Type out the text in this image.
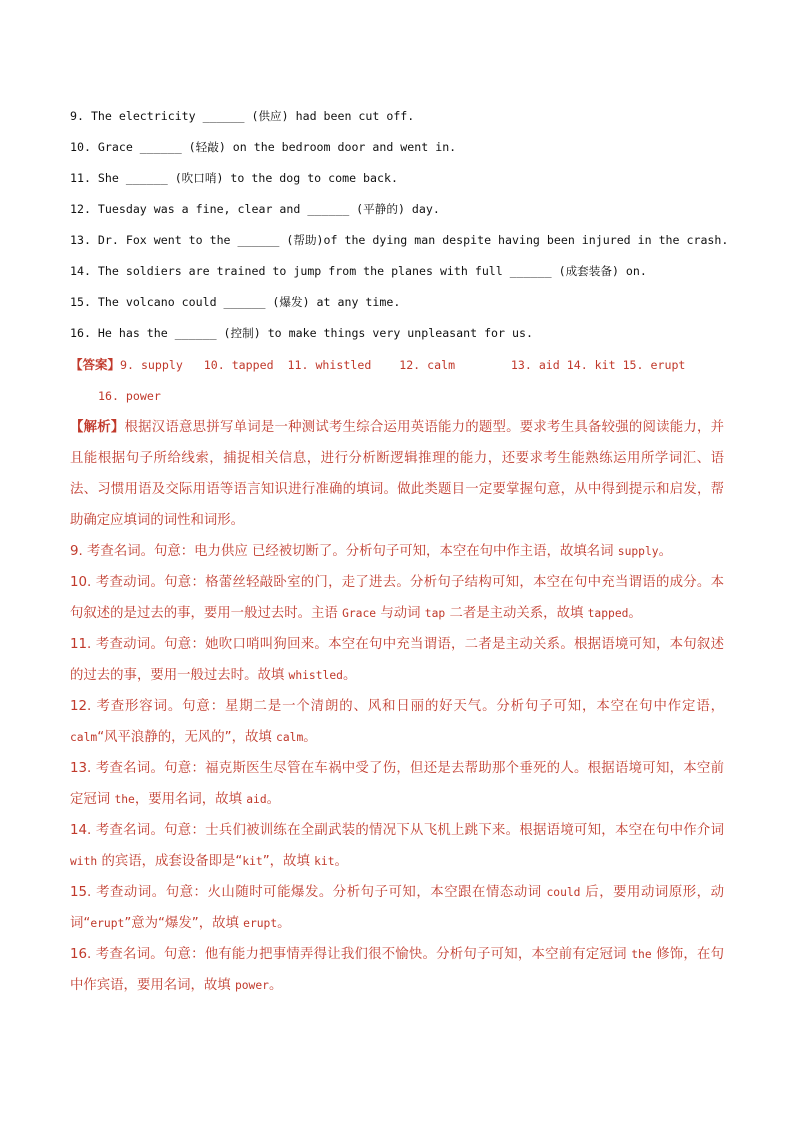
9. The electricity ______ (供应) had been cut off.
10. Grace ______ (轻敲) on the bedroom door and went in.
11. She ______ (吹口哨) to the dog to come back.
12. Tuesday was a fine, clear and ______ (平静的) day.
13. Dr. Fox went to the ______ (帮助)of the dying man despite having been injured in the crash.
14. The soldiers are trained to jump from the planes with full ______ (成套装备) on.
15. The volcano could ______ (爆发) at any time.
16. He has the ______ (控制) to make things very unpleasant for us.
【答案】9. supply   10. tapped  11. whistled    12. calm        13. aid 14. kit 15. erupt
16. power

【解析】根据汉语意思拼写单词是一种测试考生综合运用英语能力的题型。要求考生具备较强的阅读能力，并且能根据句子所给线索，捕捉相关信息，进行分析断逻辑推理的能力，还要求考生能熟练运用所学词汇、语法、习惯用语及交际用语等语言知识进行准确的填词。做此类题目一定要掌握句意，从中得到提示和启发，帮助确定应填词的词性和词形。

9. 考查名词。句意：电力供应 已经被切断了。分析句子可知，本空在句中作主语，故填名词 supply。

10. 考查动词。句意：格蕾丝轻敲卧室的门，走了进去。分析句子结构可知，本空在句中充当谓语的成分。本句叙述的是过去的事，要用一般过去时。主语 Grace 与动词 tap 二者是主动关系，故填 tapped。

11. 考查动词。句意：她吹口哨叫狗回来。本空在句中充当谓语，二者是主动关系。根据语境可知，本句叙述的过去的事，要用一般过去时。故填 whistled。

12. 考查形容词。句意：星期二是一个清朗的、风和日丽的好天气。分析句子可知，本空在句中作定语，calm“风平浪静的，无风的”，故填 calm。

13. 考查名词。句意：福克斯医生尽管在车祸中受了伤，但还是去帮助那个垂死的人。根据语境可知，本空前定冠词 the，要用名词，故填 aid。

14. 考查名词。句意：士兵们被训练在全副武装的情况下从飞机上跳下来。根据语境可知，本空在句中作介词 with 的宾语，成套设备即是“kit”，故填 kit。

15. 考查动词。句意：火山随时可能爆发。分析句子可知，本空跟在情态动词 could 后，要用动词原形，动词“erupt”意为“爆发”，故填 erupt。

16. 考查名词。句意：他有能力把事情弄得让我们很不愉快。分析句子可知，本空前有定冠词 the 修饰，在句中作宾语，要用名词，故填 power。
